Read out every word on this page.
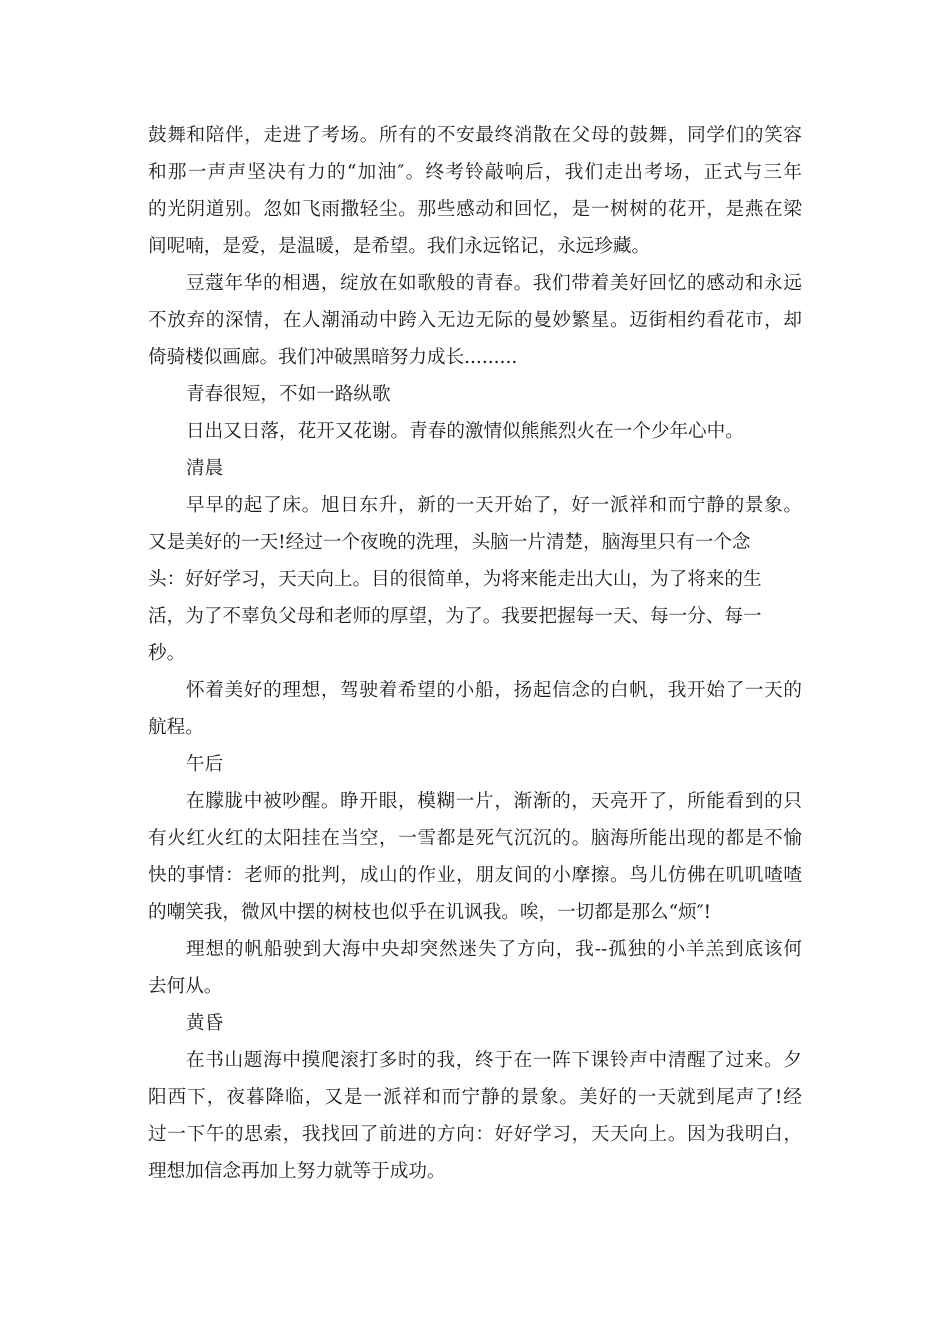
鼓舞和陪伴，走进了考场。所有的不安最终消散在父母的鼓舞，同学们的笑容
和那一声声坚决有力的“加油″。终考铃敲响后，我们走出考场，正式与三年
的光阴道别。忽如飞雨撒轻尘。那些感动和回忆，是一树树的花开，是燕在梁
间呢喃，是爱，是温暖，是希望。我们永远铭记，永远珍藏。
豆蔻年华的相遇，绽放在如歌般的青春。我们带着美好回忆的感动和永远
不放弃的深情，在人潮涌动中跨入无边无际的曼妙繁星。迈街相约看花市，却
倚骑楼似画廊。我们冲破黑暗努力成长.........
青春很短，不如一路纵歌
日出又日落，花开又花谢。青春的激情似熊熊烈火在一个少年心中。
清晨
早早的起了床。旭日东升，新的一天开始了，好一派祥和而宁静的景象。
又是美好的一天!经过一个夜晚的洗理，头脑一片清楚，脑海里只有一个念
头：好好学习，天天向上。目的很简单，为将来能走出大山，为了将来的生
活，为了不辜负父母和老师的厚望，为了。我要把握每一天、每一分、每一
秒。
怀着美好的理想，驾驶着希望的小船，扬起信念的白帆，我开始了一天的
航程。
午后
在朦胧中被吵醒。睁开眼，模糊一片，渐渐的，天亮开了，所能看到的只
有火红火红的太阳挂在当空，一雪都是死气沉沉的。脑海所能出现的都是不愉
快的事情：老师的批判，成山的作业，朋友间的小摩擦。鸟儿仿佛在叽叽喳喳
的嘲笑我，微风中摆的树枝也似乎在讥讽我。唉，一切都是那么“烦″!
理想的帆船驶到大海中央却突然迷失了方向，我--孤独的小羊羔到底该何
去何从。
黄昏
在书山题海中摸爬滚打多时的我，终于在一阵下课铃声中清醒了过来。夕
阳西下，夜暮降临，又是一派祥和而宁静的景象。美好的一天就到尾声了!经
过一下午的思索，我找回了前进的方向：好好学习，天天向上。因为我明白，
理想加信念再加上努力就等于成功。
